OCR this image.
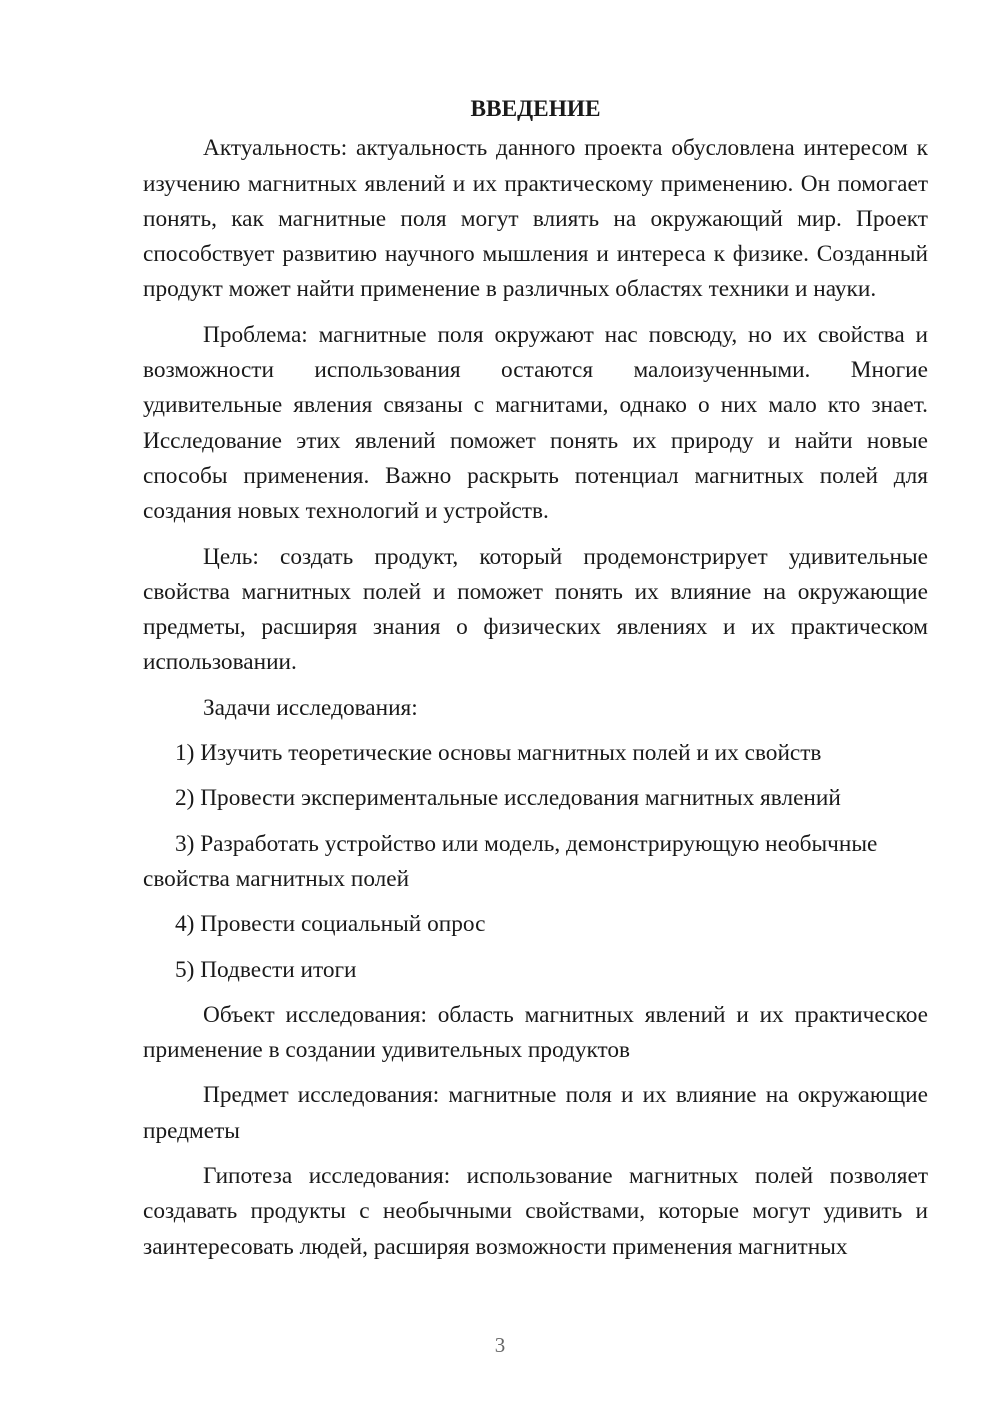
ВВЕДЕНИЕ

Актуальность: актуальность данного проекта обусловлена интересом к изучению магнитных явлений и их практическому применению. Он помогает понять, как магнитные поля могут влиять на окружающий мир. Проект способствует развитию научного мышления и интереса к физике. Созданный продукт может найти применение в различных областях техники и науки.

Проблема: магнитные поля окружают нас повсюду, но их свойства и возможности использования остаются малоизученными. Многие удивительные явления связаны с магнитами, однако о них мало кто знает. Исследование этих явлений поможет понять их природу и найти новые способы применения. Важно раскрыть потенциал магнитных полей для создания новых технологий и устройств.

Цель: создать продукт, который продемонстрирует удивительные свойства магнитных полей и поможет понять их влияние на окружающие предметы, расширяя знания о физических явлениях и их практическом использовании.

Задачи исследования:

1) Изучить теоретические основы магнитных полей и их свойств

2) Провести экспериментальные исследования магнитных явлений

3) Разработать устройство или модель, демонстрирующую необычные свойства магнитных полей

4) Провести социальный опрос

5) Подвести итоги

Объект исследования: область магнитных явлений и их практическое применение в создании удивительных продуктов

Предмет исследования: магнитные поля и их влияние на окружающие предметы

Гипотеза исследования: использование магнитных полей позволяет создавать продукты с необычными свойствами, которые могут удивить и заинтересовать людей, расширяя возможности применения магнитных

3
